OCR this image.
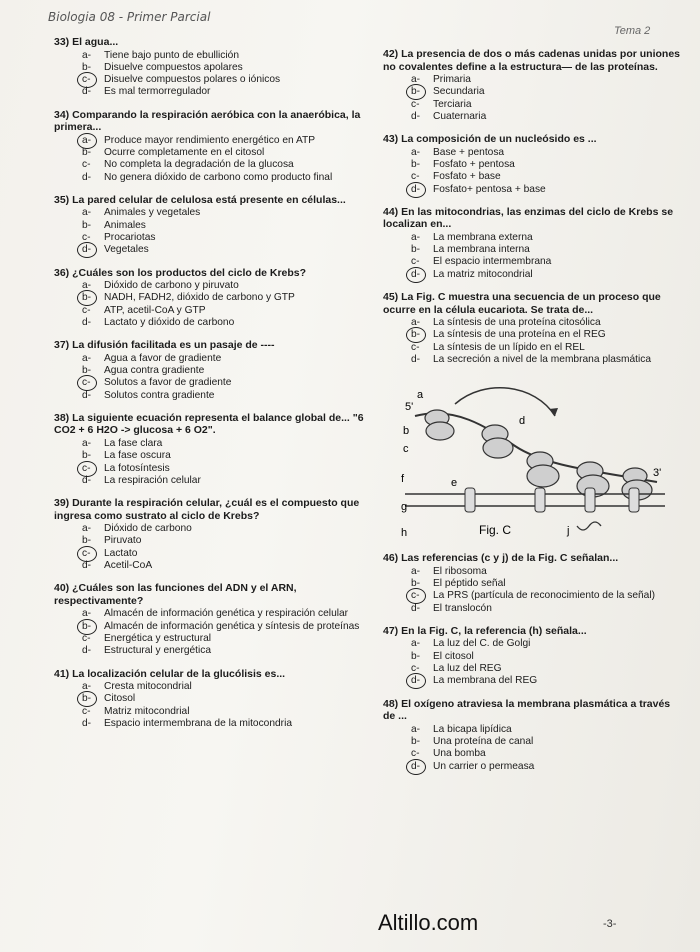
Biologia 08 - Primer Parcial
Tema 2
33) El agua...
a-	Tiene bajo punto de ebullición
b-	Disuelve compuestos apolares
c-	Disuelve compuestos polares o iónicos
d-	Es mal termorregulador
34) Comparando la respiración aeróbica con la anaeróbica, la primera...
a-	Produce mayor rendimiento energético en ATP
b-	Ocurre completamente en el citosol
c-	No completa la degradación de la glucosa
d-	No genera dióxido de carbono como producto final
35) La pared celular de celulosa está presente en células...
a-	Animales y vegetales
b-	Animales
c-	Procariotas
d-	Vegetales
36) ¿Cuáles son los productos del ciclo de Krebs?
a-	Dióxido de carbono y piruvato
b-	NADH, FADH2, dióxido de carbono y GTP
c-	ATP, acetil-CoA y GTP
d-	Lactato y dióxido de carbono
37) La difusión facilitada es un pasaje de ----
a-	Agua a favor de gradiente
b-	Agua contra gradiente
c-	Solutos a favor de gradiente
d-	Solutos contra gradiente
38) La siguiente ecuación representa el balance global de... "6 CO2 + 6 H2O -> glucosa + 6 O2".
a-	La fase clara
b-	La fase oscura
c-	La fotosíntesis
d-	La respiración celular
39) Durante la respiración celular, ¿cuál es el compuesto que ingresa como sustrato al ciclo de Krebs?
a-	Dióxido de carbono
b-	Piruvato
c-	Lactato
d-	Acetil-CoA
40) ¿Cuáles son las funciones del ADN y el ARN, respectivamente?
a-	Almacén de información genética y respiración celular
b-	Almacén de información genética y síntesis de proteínas
c-	Energética y estructural
d-	Estructural y energética
41) La localización celular de la glucólisis es...
a-	Cresta mitocondrial
b-	Citosol
c-	Matriz mitocondrial
d-	Espacio intermembrana de la mitocondria
42) La presencia de dos o más cadenas unidas por uniones no covalentes define a la estructura— de las proteínas.
a-	Primaria
b-	Secundaria
c-	Terciaria
d-	Cuaternaria
43) La composición de un nucleósido es ...
a-	Base + pentosa
b-	Fosfato + pentosa
c-	Fosfato + base
d-	Fosfato+ pentosa + base
44) En las mitocondrias, las enzimas del ciclo de Krebs se localizan en...
a-	La membrana externa
b-	La membrana interna
c-	El espacio intermembrana
d-	La matriz mitocondrial
45) La Fig. C muestra una secuencia de un proceso que ocurre en la célula eucariota. Se trata de...
a-	La síntesis de una proteína citosólica
b-	La síntesis de una proteína en el REG
c-	La síntesis de un lípido en el REL
d-	La secreción a nivel de la membrana plasmática
5'
a
b
c
d
e
f
g
h	j
3'
Fig. C
46) Las referencias (c y j) de la Fig. C señalan...
a-	El ribosoma
b-	El péptido señal
c-	La PRS (partícula de reconocimiento de la señal)
d-	El translocón
47) En la Fig. C, la referencia (h) señala...
a-	La luz del C. de Golgi
b-	El citosol
c-	La luz del REG
d-	La membrana del REG
48) El oxígeno atraviesa la membrana plasmática a través de ...
a-	La bicapa lipídica
b-	Una proteína de canal
c-	Una bomba
d-	Un carrier o permeasa
Altillo.com	-3-
